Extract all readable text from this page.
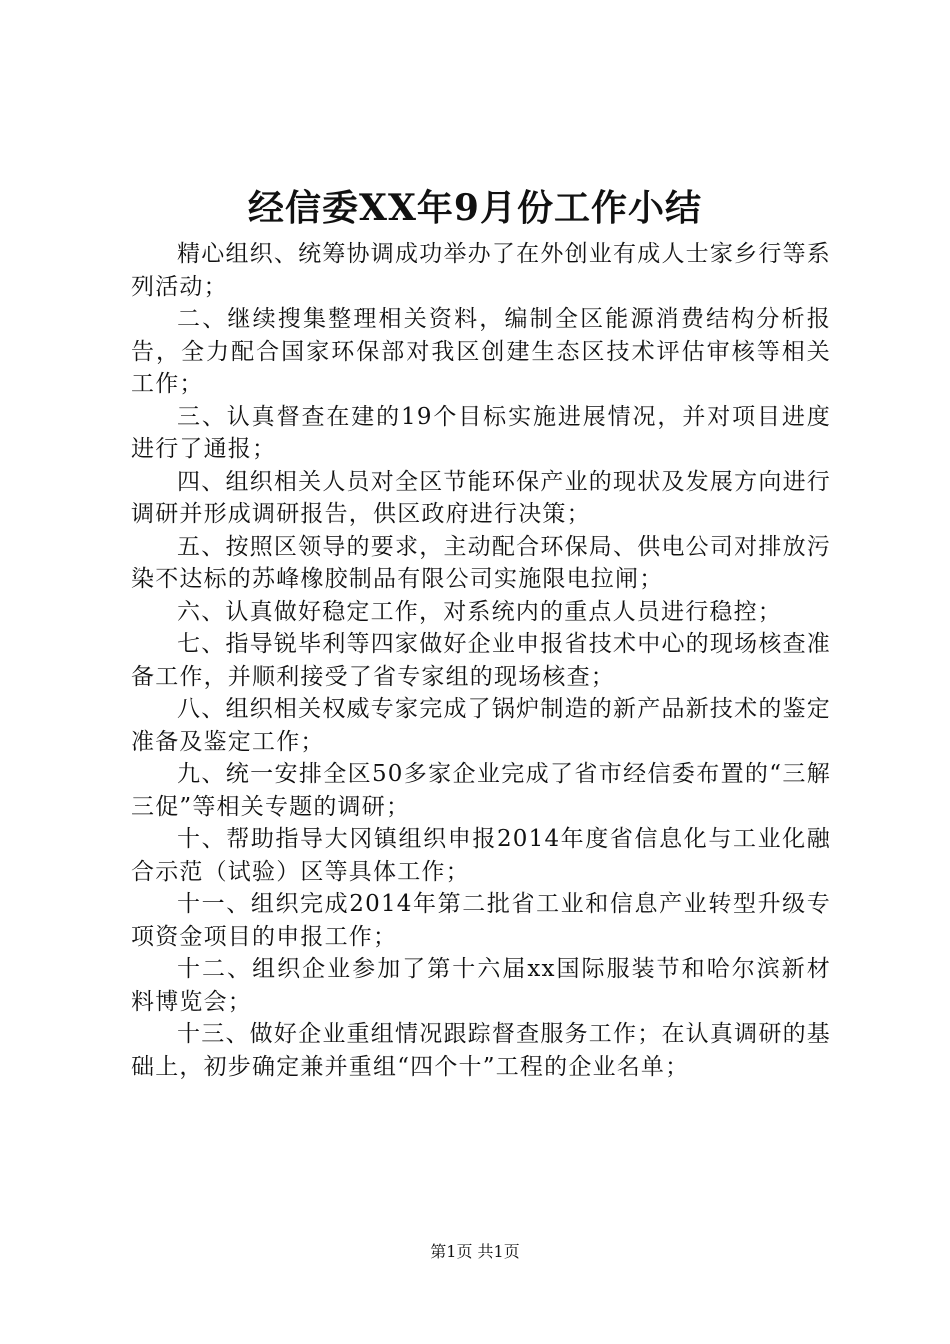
经信委XX年9月份工作小结

精心组织、统筹协调成功举办了在外创业有成人士家乡行等系列活动；

二、继续搜集整理相关资料，编制全区能源消费结构分析报告，全力配合国家环保部对我区创建生态区技术评估审核等相关工作；

三、认真督查在建的19个目标实施进展情况，并对项目进度进行了通报；

四、组织相关人员对全区节能环保产业的现状及发展方向进行调研并形成调研报告，供区政府进行决策；

五、按照区领导的要求，主动配合环保局、供电公司对排放污染不达标的苏峰橡胶制品有限公司实施限电拉闸；

六、认真做好稳定工作，对系统内的重点人员进行稳控；

七、指导锐毕利等四家做好企业申报省技术中心的现场核查准备工作，并顺利接受了省专家组的现场核查；

八、组织相关权威专家完成了锅炉制造的新产品新技术的鉴定准备及鉴定工作；

九、统一安排全区50多家企业完成了省市经信委布置的“三解三促”等相关专题的调研；

十、帮助指导大冈镇组织申报2014年度省信息化与工业化融合示范（试验）区等具体工作；

十一、组织完成2014年第二批省工业和信息产业转型升级专项资金项目的申报工作；

十二、组织企业参加了第十六届xx国际服装节和哈尔滨新材料博览会；

十三、做好企业重组情况跟踪督查服务工作；在认真调研的基础上，初步确定兼并重组“四个十”工程的企业名单；

第1页 共1页
